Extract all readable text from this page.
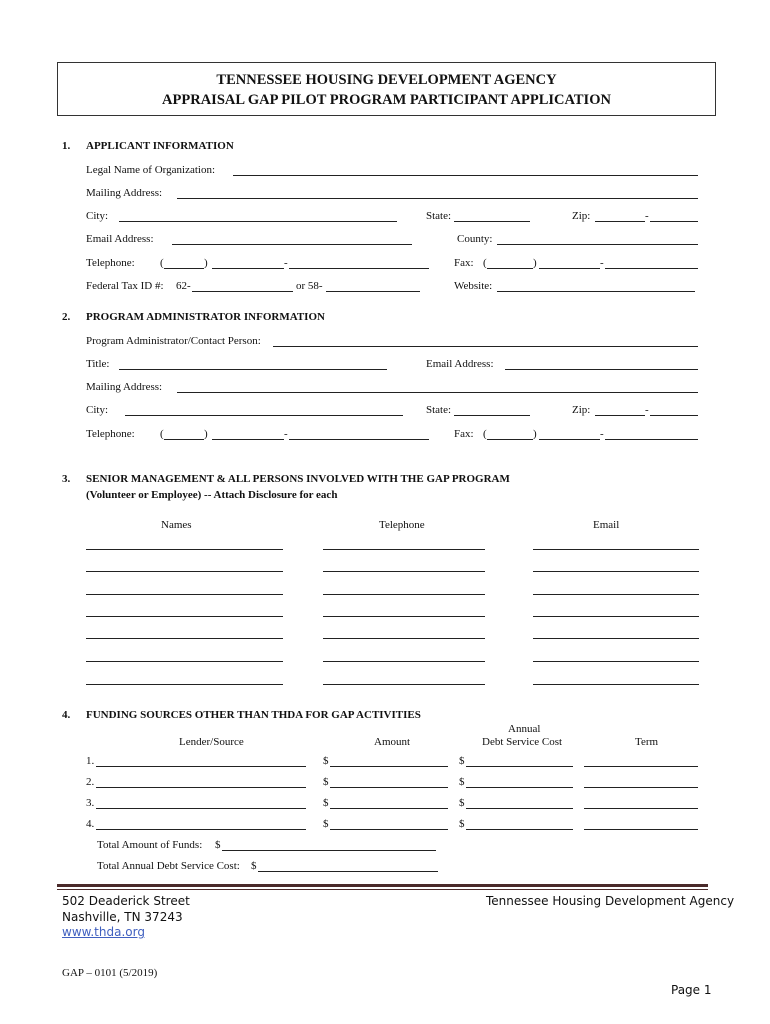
TENNESSEE HOUSING DEVELOPMENT AGENCY
APPRAISAL GAP PILOT PROGRAM PARTICIPANT APPLICATION
1. APPLICANT INFORMATION
Legal Name of Organization:
Mailing Address:
City:	State:	Zip:	-
Email Address:	County:
Telephone: (	)	-	Fax: (	)	-
Federal Tax ID #: 62-	or 58-	Website:
2. PROGRAM ADMINISTRATOR INFORMATION
Program Administrator/Contact Person:
Title:	Email Address:
Mailing Address:
City:	State:	Zip:	-
Telephone: (	)	-	Fax: (	)	-
3. SENIOR MANAGEMENT & ALL PERSONS INVOLVED WITH THE GAP PROGRAM
(Volunteer or Employee) -- Attach Disclosure for each
Names	Telephone	Email
4. FUNDING SOURCES OTHER THAN THDA FOR GAP ACTIVITIES
Annual
Lender/Source	Amount	Debt Service Cost	Term
1.	$	$
2.	$	$
3.	$	$
4.	$	$
Total Amount of Funds: $
Total Annual Debt Service Cost: $
502 Deaderick Street
Nashville, TN 37243
www.thda.org
Tennessee Housing Development Agency
GAP – 0101 (5/2019)
Page 1
